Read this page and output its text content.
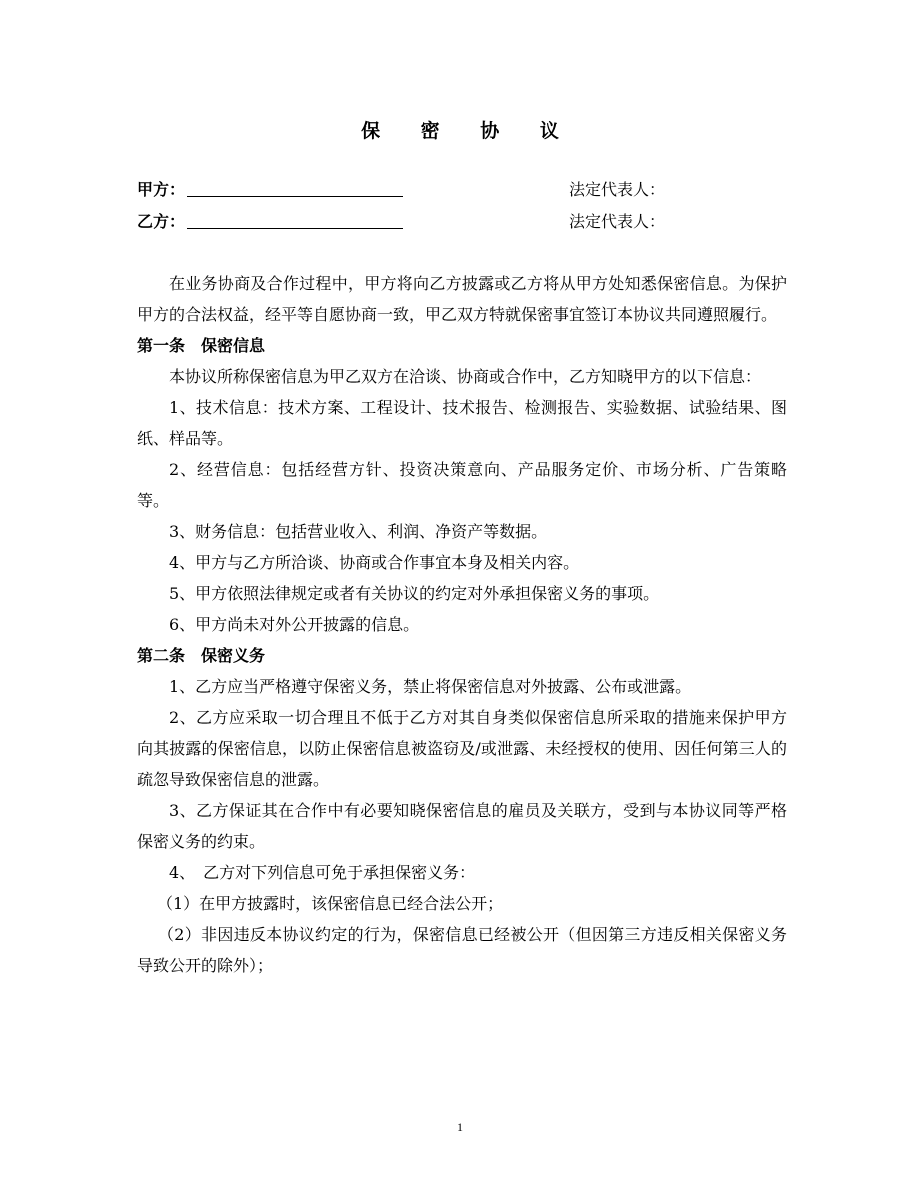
保 密 协 议
甲方：	法定代表人：
乙方：	法定代表人：

在业务协商及合作过程中，甲方将向乙方披露或乙方将从甲方处知悉保密信息。为保护甲方的合法权益，经平等自愿协商一致，甲乙双方特就保密事宜签订本协议共同遵照履行。

第一条 保密信息

本协议所称保密信息为甲乙双方在洽谈、协商或合作中，乙方知晓甲方的以下信息：

1、技术信息：技术方案、工程设计、技术报告、检测报告、实验数据、试验结果、图纸、样品等。

2、经营信息：包括经营方针、投资决策意向、产品服务定价、市场分析、广告策略等。

3、财务信息：包括营业收入、利润、净资产等数据。

4、甲方与乙方所洽谈、协商或合作事宜本身及相关内容。

5、甲方依照法律规定或者有关协议的约定对外承担保密义务的事项。

6、甲方尚未对外公开披露的信息。

第二条 保密义务

1、乙方应当严格遵守保密义务，禁止将保密信息对外披露、公布或泄露。

2、乙方应采取一切合理且不低于乙方对其自身类似保密信息所采取的措施来保护甲方向其披露的保密信息，以防止保密信息被盗窃及/或泄露、未经授权的使用、因任何第三人的疏忽导致保密信息的泄露。

3、乙方保证其在合作中有必要知晓保密信息的雇员及关联方，受到与本协议同等严格保密义务的约束。

4、　乙方对下列信息可免于承担保密义务：

（1）在甲方披露时，该保密信息已经合法公开；

（2）非因违反本协议约定的行为，保密信息已经被公开（但因第三方违反相关保密义务导致公开的除外）；

1
